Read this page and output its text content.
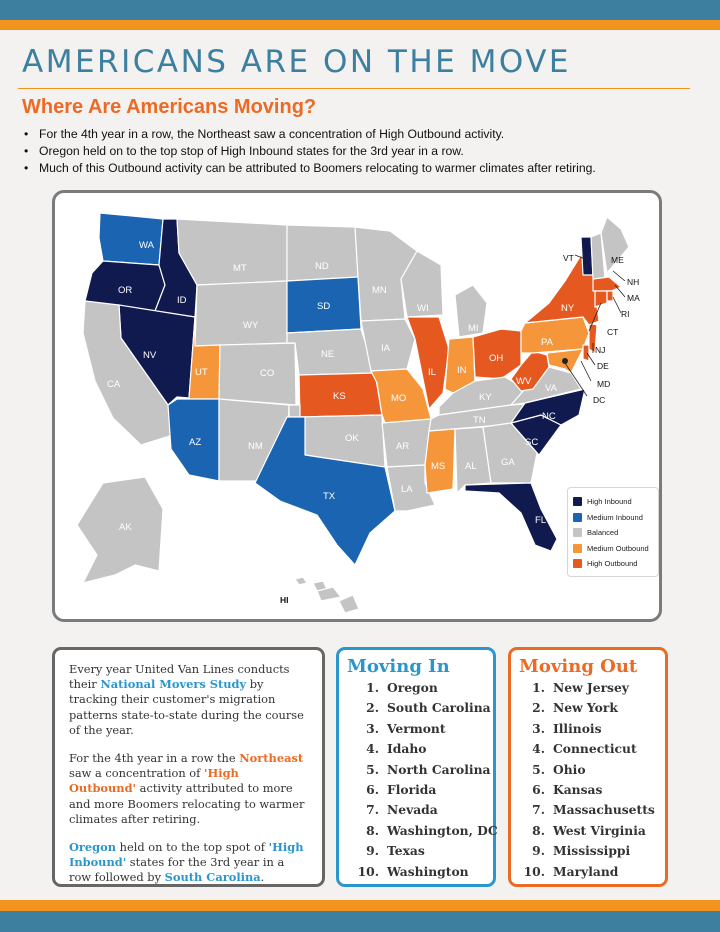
AMERICANS ARE ON THE MOVE
Where Are Americans Moving?
• For the 4th year in a row, the Northeast saw a concentration of High Outbound activity.
• Oregon held on to the top stop of High Inbound states for the 3rd year in a row.
• Much of this Outbound activity can be attributed to Boomers relocating to warmer climates after retiring.
WA
OR
ID
NV
CA
MT
WY
UT	CO
AZ	NM
ND
SD
NE
KS
OK
TX
MN
IA
MO
AR
LA
WI
IL
MI
IN
OH
KY
TN
MS AL	GA
FL
SC
NC
VA
WV
PA
NY
AK
HI
VT	ME
NH
MA
RI
CT
NJ
DE
MD
DC
High Inbound
Medium Inbound
Balanced
Medium Outbound
High Outbound

Every year United Van Lines conducts their National Movers Study by tracking their customer's migration patterns state-to-state during the course of the year.

For the 4th year in a row the Northeast saw a concentration of 'High Outbound' activity attributed to more and more Boomers relocating to warmer climates after retiring.

Oregon held on to the top spot of 'High Inbound' states for the 3rd year in a row followed by South Carolina.

Moving In
1. Oregon
2. South Carolina
3. Vermont
4. Idaho
5. North Carolina
6. Florida
7. Nevada
8. Washington, DC
9. Texas
10. Washington
Moving Out
1. New Jersey
2. New York
3. Illinois
4. Connecticut
5. Ohio
6. Kansas
7. Massachusetts
8. West Virginia
9. Mississippi
10. Maryland
